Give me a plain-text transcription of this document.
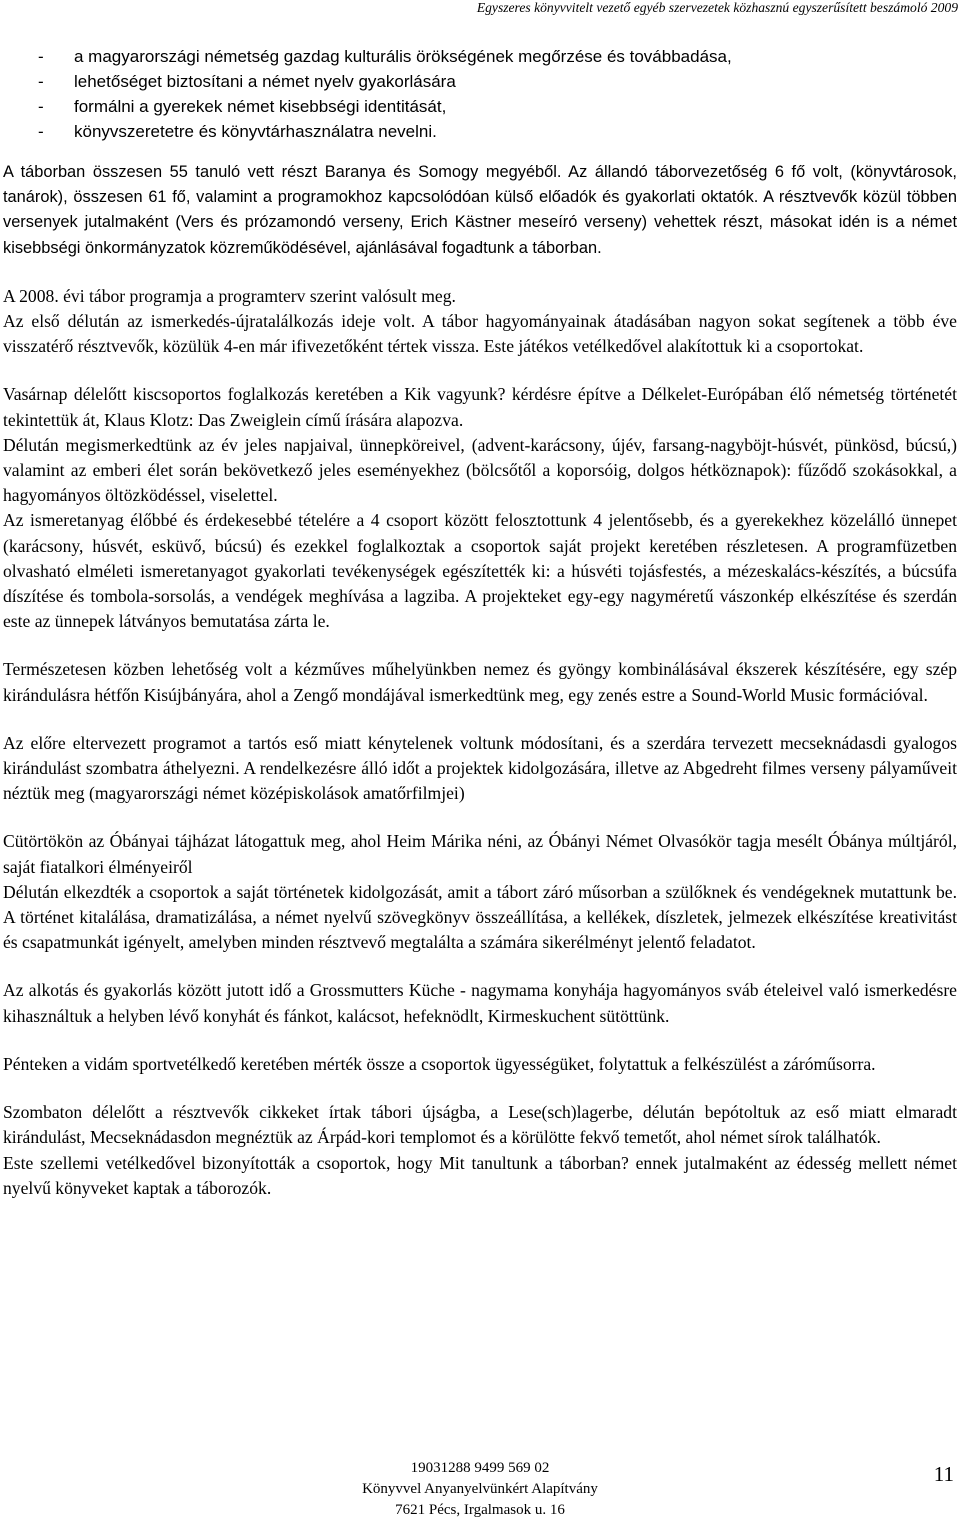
Egyszeres könyvvitelt vezető egyéb szervezetek közhasznú egyszerűsített beszámoló 2009
- a magyarországi németség gazdag kulturális örökségének megőrzése és továbbadása,
- lehetőséget biztosítani a német nyelv gyakorlására
- formálni a gyerekek német kisebbségi identitását,
- könyvszeretetre és könyvtárhasználatra nevelni.

A táborban összesen 55 tanuló vett részt Baranya és Somogy megyéből. Az állandó táborvezetőség 6 fő volt, (könyvtárosok, tanárok), összesen 61 fő, valamint a programokhoz kapcsolódóan külső előadók és gyakorlati oktatók. A résztvevők közül többen versenyek jutalmaként (Vers és prózamondó verseny, Erich Kästner meseíró verseny) vehettek részt, másokat idén is a német kisebbségi önkormányzatok közreműködésével, ajánlásával fogadtunk a táborban.

A 2008. évi tábor programja a programterv szerint valósult meg.

Az első délután az ismerkedés-újratalálkozás ideje volt. A tábor hagyományainak átadásában nagyon sokat segítenek a több éve visszatérő résztvevők, közülük 4-en már ifivezetőként tértek vissza. Este játékos vetélkedővel alakítottuk ki a csoportokat.

Vasárnap délelőtt kiscsoportos foglalkozás keretében a Kik vagyunk? kérdésre építve a Délkelet-Európában élő németség történetét tekintettük át, Klaus Klotz: Das Zweiglein című írására alapozva.

Délután megismerkedtünk az év jeles napjaival, ünnepköreivel, (advent-karácsony, újév, farsang-nagyböjt-húsvét, pünkösd, búcsú,) valamint az emberi élet során bekövetkező jeles eseményekhez (bölcsőtől a koporsóig, dolgos hétköznapok): fűződő szokásokkal, a hagyományos öltözködéssel, viselettel.

Az ismeretanyag élőbbé és érdekesebbé tételére a 4 csoport között felosztottunk 4 jelentősebb, és a gyerekekhez közelálló ünnepet (karácsony, húsvét, esküvő, búcsú) és ezekkel foglalkoztak a csoportok saját projekt keretében részletesen. A programfüzetben olvasható elméleti ismeretanyagot gyakorlati tevékenységek egészítették ki: a húsvéti tojásfestés, a mézeskalács-készítés, a búcsúfa díszítése és tombola-sorsolás, a vendégek meghívása a lagziba. A projekteket egy-egy nagyméretű vászonkép elkészítése és szerdán este az ünnepek látványos bemutatása zárta le.

Természetesen közben lehetőség volt a kézműves műhelyünkben nemez és gyöngy kombinálásával ékszerek készítésére, egy szép kirándulásra hétfőn Kisújbányára, ahol a Zengő mondájával ismerkedtünk meg, egy zenés estre a Sound-World Music formációval.

Az előre eltervezett programot a tartós eső miatt kénytelenek voltunk módosítani, és a szerdára tervezett mecseknádasdi gyalogos kirándulást szombatra áthelyezni. A rendelkezésre álló időt a projektek kidolgozására, illetve az Abgedreht filmes verseny pályaműveit néztük meg (magyarországi német középiskolások amatőrfilmjei)

Cütörtökön az Óbányai tájházat látogattuk meg, ahol Heim Márika néni, az Óbányi Német Olvasókör tagja mesélt Óbánya múltjáról, saját fiatalkori élményeiről

Délután elkezdték a csoportok a saját történetek kidolgozását, amit a tábort záró műsorban a szülőknek és vendégeknek mutattunk be. A történet kitalálása, dramatizálása, a német nyelvű szövegkönyv összeállítása, a kellékek, díszletek, jelmezek elkészítése kreativitást és csapatmunkát igényelt, amelyben minden résztvevő megtalálta a számára sikerélményt jelentő feladatot.

Az alkotás és gyakorlás között jutott idő a Grossmutters Küche - nagymama konyhája hagyományos sváb ételeivel való ismerkedésre kihasználtuk a helyben lévő konyhát és fánkot, kalácsot, hefeknödlt, Kirmeskuchent sütöttünk.

Pénteken a vidám sportvetélkedő keretében mérték össze a csoportok ügyességüket, folytattuk a felkészülést a záróműsorra.

Szombaton délelőtt a résztvevők cikkeket írtak tábori újságba, a Lese(sch)lagerbe, délután bepótoltuk az eső miatt elmaradt kirándulást, Mecseknádasdon megnéztük az Árpád-kori templomot és a körülötte fekvő temetőt, ahol német sírok találhatók.

Este szellemi vetélkedővel bizonyították a csoportok, hogy Mit tanultunk a táborban? ennek jutalmaként az édesség mellett német nyelvű könyveket kaptak a táborozók.

19031288 9499 569 02
Könyvvel Anyanyelvünkért Alapítvány
7621 Pécs, Irgalmasok u. 16
11
